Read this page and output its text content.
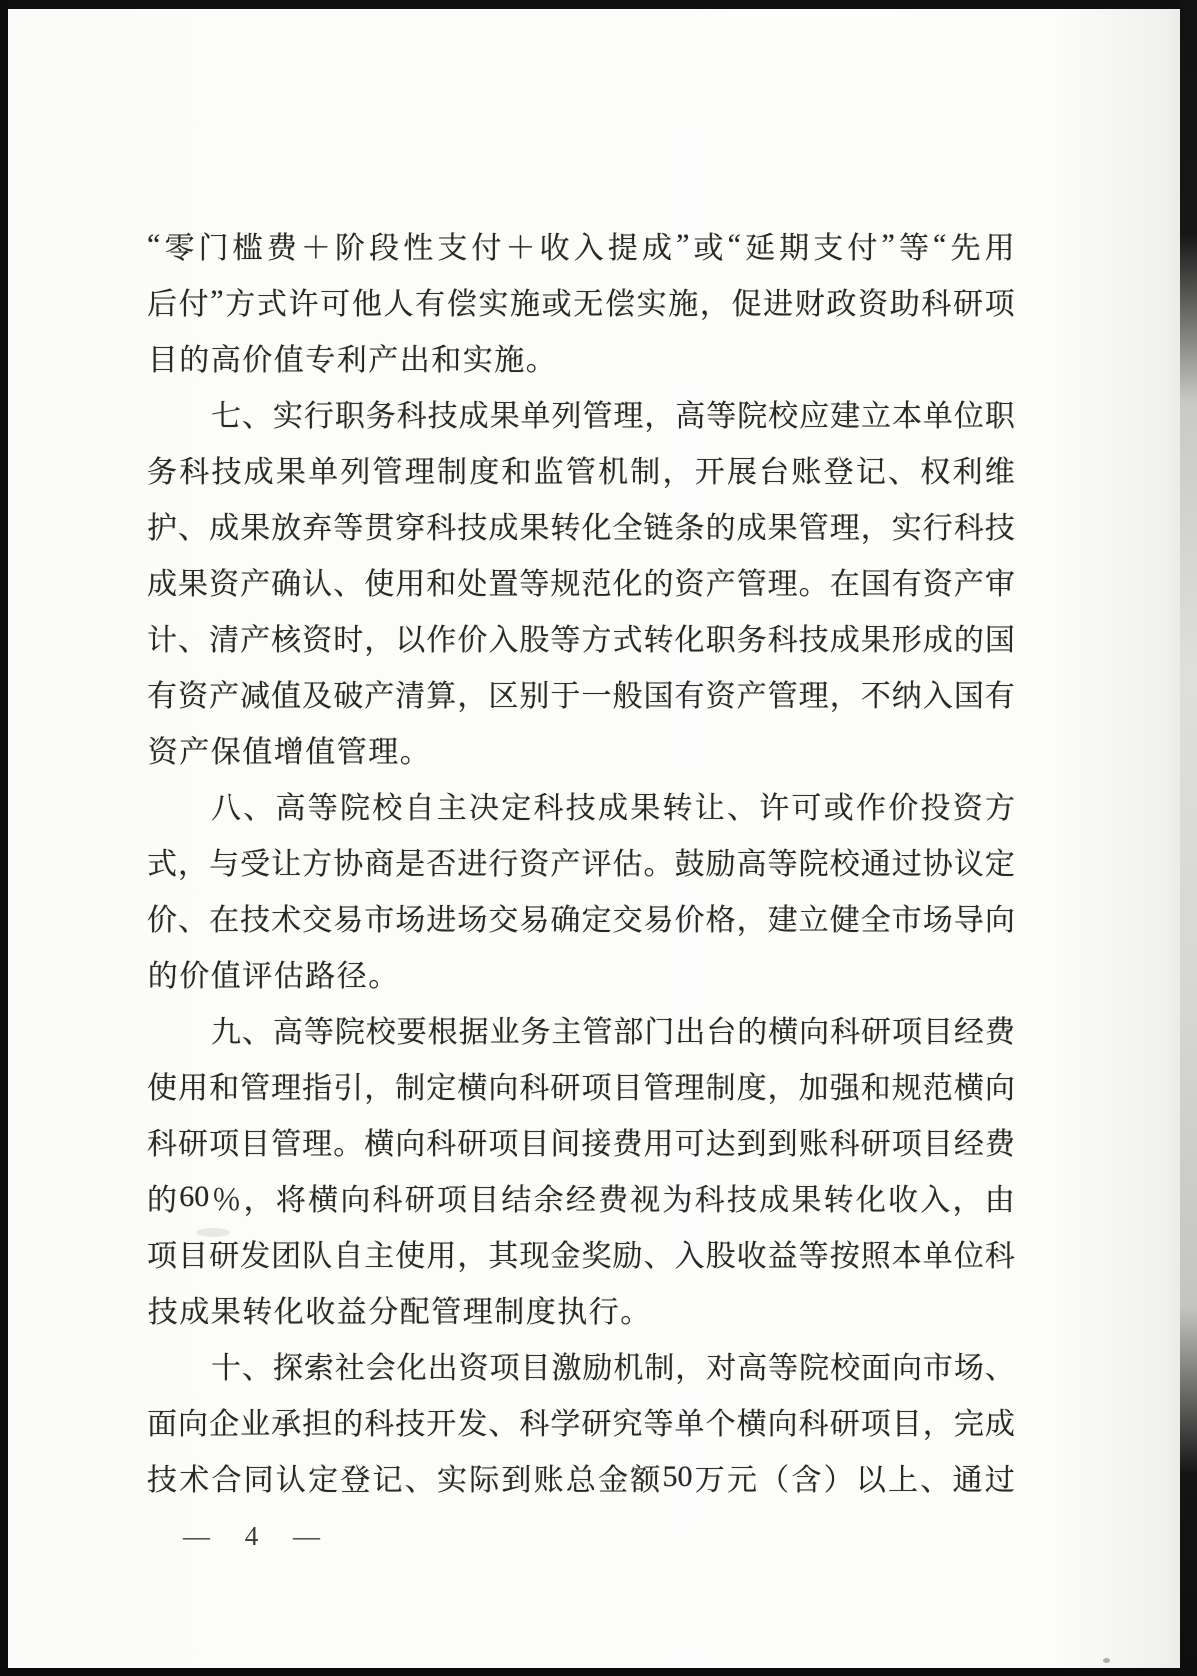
“ 零 门 槛 费 ＋ 阶 段 性 支 付 ＋ 收 入 提 成 ” 或 “ 延 期 支 付 ” 等 “ 先 用
后 付 ” 方 式 许 可 他 人 有 偿 实 施 或 无 偿 实 施 ， 促 进 财 政 资 助 科 研 项
目 的 高 价 值 专 利 产 出 和 实 施 。
七 、 实 行 职 务 科 技 成 果 单 列 管 理 ， 高 等 院 校 应 建 立 本 单 位 职
务 科 技 成 果 单 列 管 理 制 度 和 监 管 机 制 ， 开 展 台 账 登 记 、 权 利 维
护 、 成 果 放 弃 等 贯 穿 科 技 成 果 转 化 全 链 条 的 成 果 管 理 ， 实 行 科 技
成 果 资 产 确 认 、 使 用 和 处 置 等 规 范 化 的 资 产 管 理 。 在 国 有 资 产 审
计 、 清 产 核 资 时 ， 以 作 价 入 股 等 方 式 转 化 职 务 科 技 成 果 形 成 的 国
有 资 产 减 值 及 破 产 清 算 ， 区 别 于 一 般 国 有 资 产 管 理 ， 不 纳 入 国 有
资 产 保 值 增 值 管 理 。
八 、 高 等 院 校 自 主 决 定 科 技 成 果 转 让 、 许 可 或 作 价 投 资 方
式 ， 与 受 让 方 协 商 是 否 进 行 资 产 评 估 。 鼓 励 高 等 院 校 通 过 协 议 定
价 、 在 技 术 交 易 市 场 进 场 交 易 确 定 交 易 价 格 ， 建 立 健 全 市 场 导 向
的 价 值 评 估 路 径 。
九 、 高 等 院 校 要 根 据 业 务 主 管 部 门 出 台 的 横 向 科 研 项 目 经 费
使 用 和 管 理 指 引 ， 制 定 横 向 科 研 项 目 管 理 制 度 ， 加 强 和 规 范 横 向
科 研 项 目 管 理 。 横 向 科 研 项 目 间 接 费 用 可 达 到 到 账 科 研 项 目 经 费
的 60 ％ ， 将 横 向 科 研 项 目 结 余 经 费 视 为 科 技 成 果 转 化 收 入 ， 由
项 目 研 发 团 队 自 主 使 用 ， 其 现 金 奖 励 、 入 股 收 益 等 按 照 本 单 位 科
技 成 果 转 化 收 益 分 配 管 理 制 度 执 行 。
十 、 探 索 社 会 化 出 资 项 目 激 励 机 制 ， 对 高 等 院 校 面 向 市 场 、
面 向 企 业 承 担 的 科 技 开 发 、 科 学 研 究 等 单 个 横 向 科 研 项 目 ， 完 成
技 术 合 同 认 定 登 记 、 实 际 到 账 总 金 额 50 万 元 （ 含 ） 以 上 、 通 过
— 4 —
